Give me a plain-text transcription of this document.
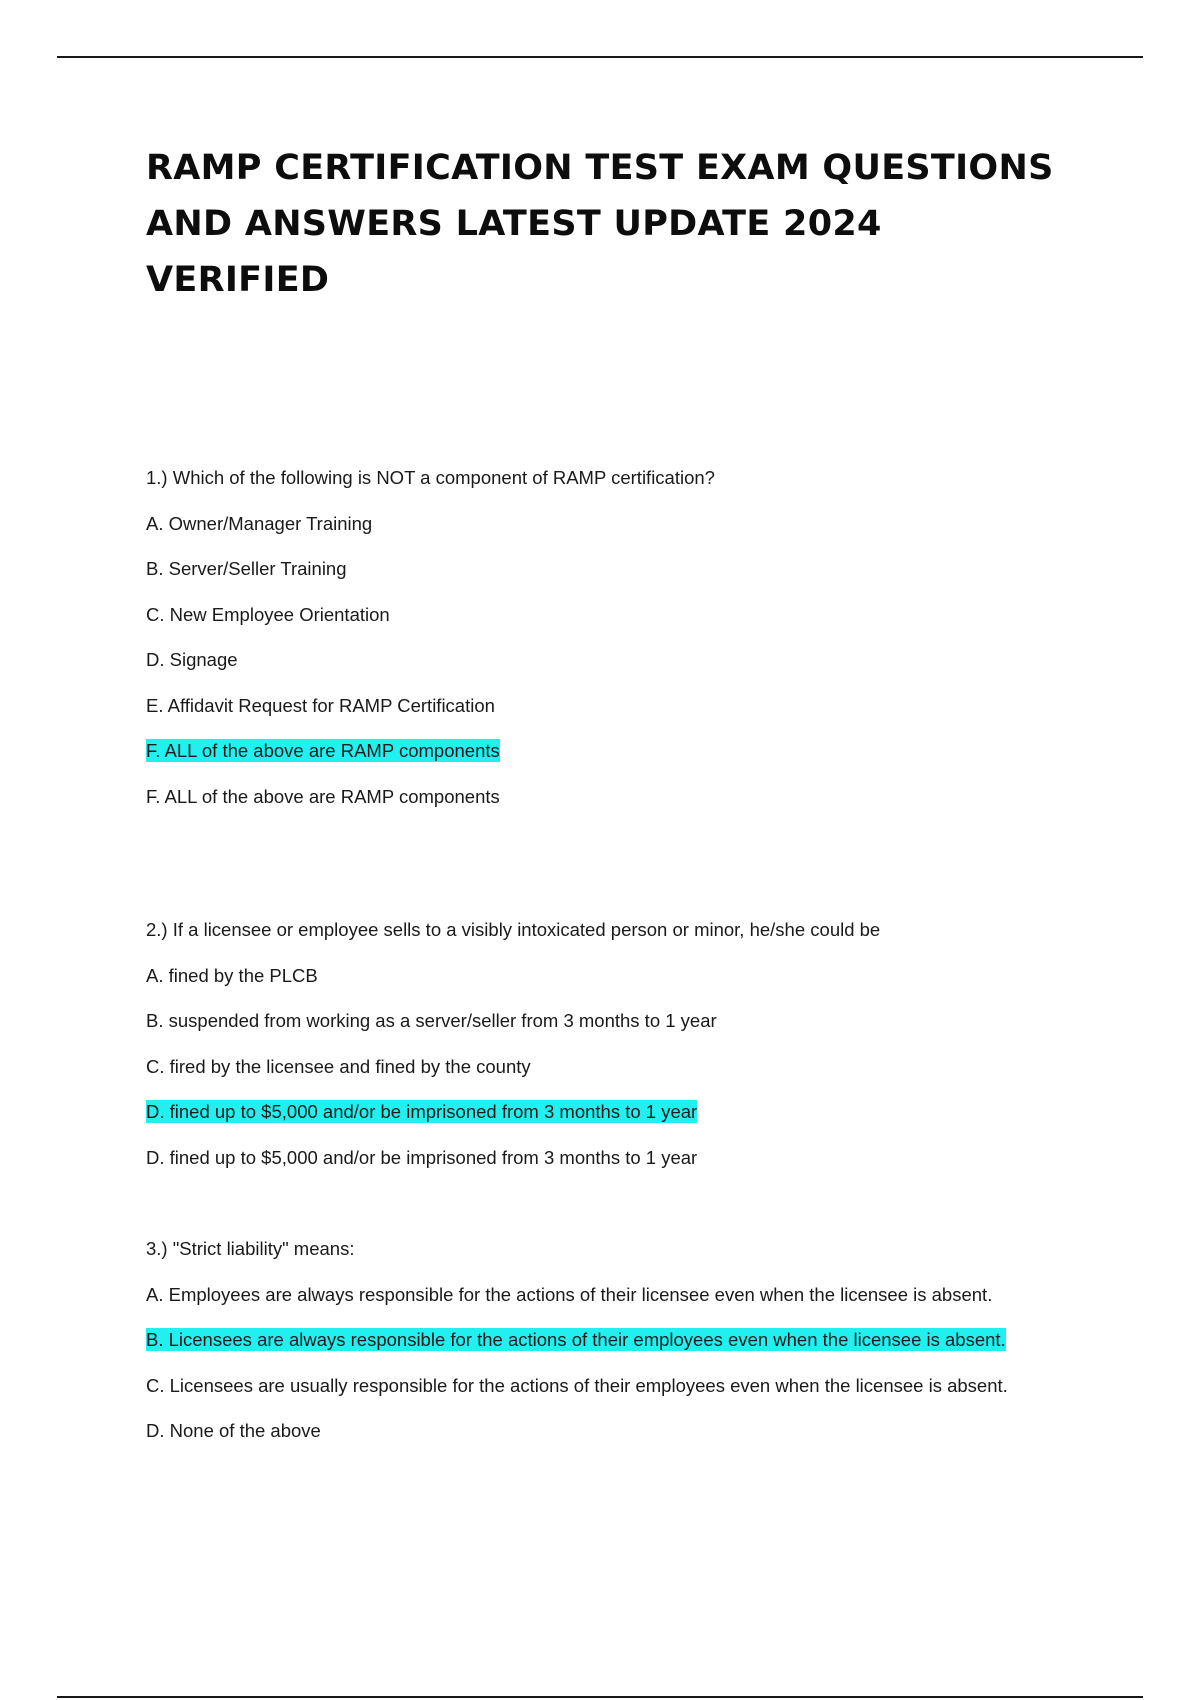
RAMP CERTIFICATION TEST EXAM QUESTIONS
AND ANSWERS LATEST UPDATE 2024
VERIFIED
1.) Which of the following is NOT a component of RAMP certification?
A. Owner/Manager Training
B. Server/Seller Training
C. New Employee Orientation
D. Signage
E. Affidavit Request for RAMP Certification
F. ALL of the above are RAMP components
F. ALL of the above are RAMP components
2.) If a licensee or employee sells to a visibly intoxicated person or minor, he/she could be
A. fined by the PLCB
B. suspended from working as a server/seller from 3 months to 1 year
C. fired by the licensee and fined by the county
D. fined up to $5,000 and/or be imprisoned from 3 months to 1 year
D. fined up to $5,000 and/or be imprisoned from 3 months to 1 year
3.) "Strict liability" means:
A. Employees are always responsible for the actions of their licensee even when the licensee is absent.
B. Licensees are always responsible for the actions of their employees even when the licensee is absent.
C. Licensees are usually responsible for the actions of their employees even when the licensee is absent.
D. None of the above
